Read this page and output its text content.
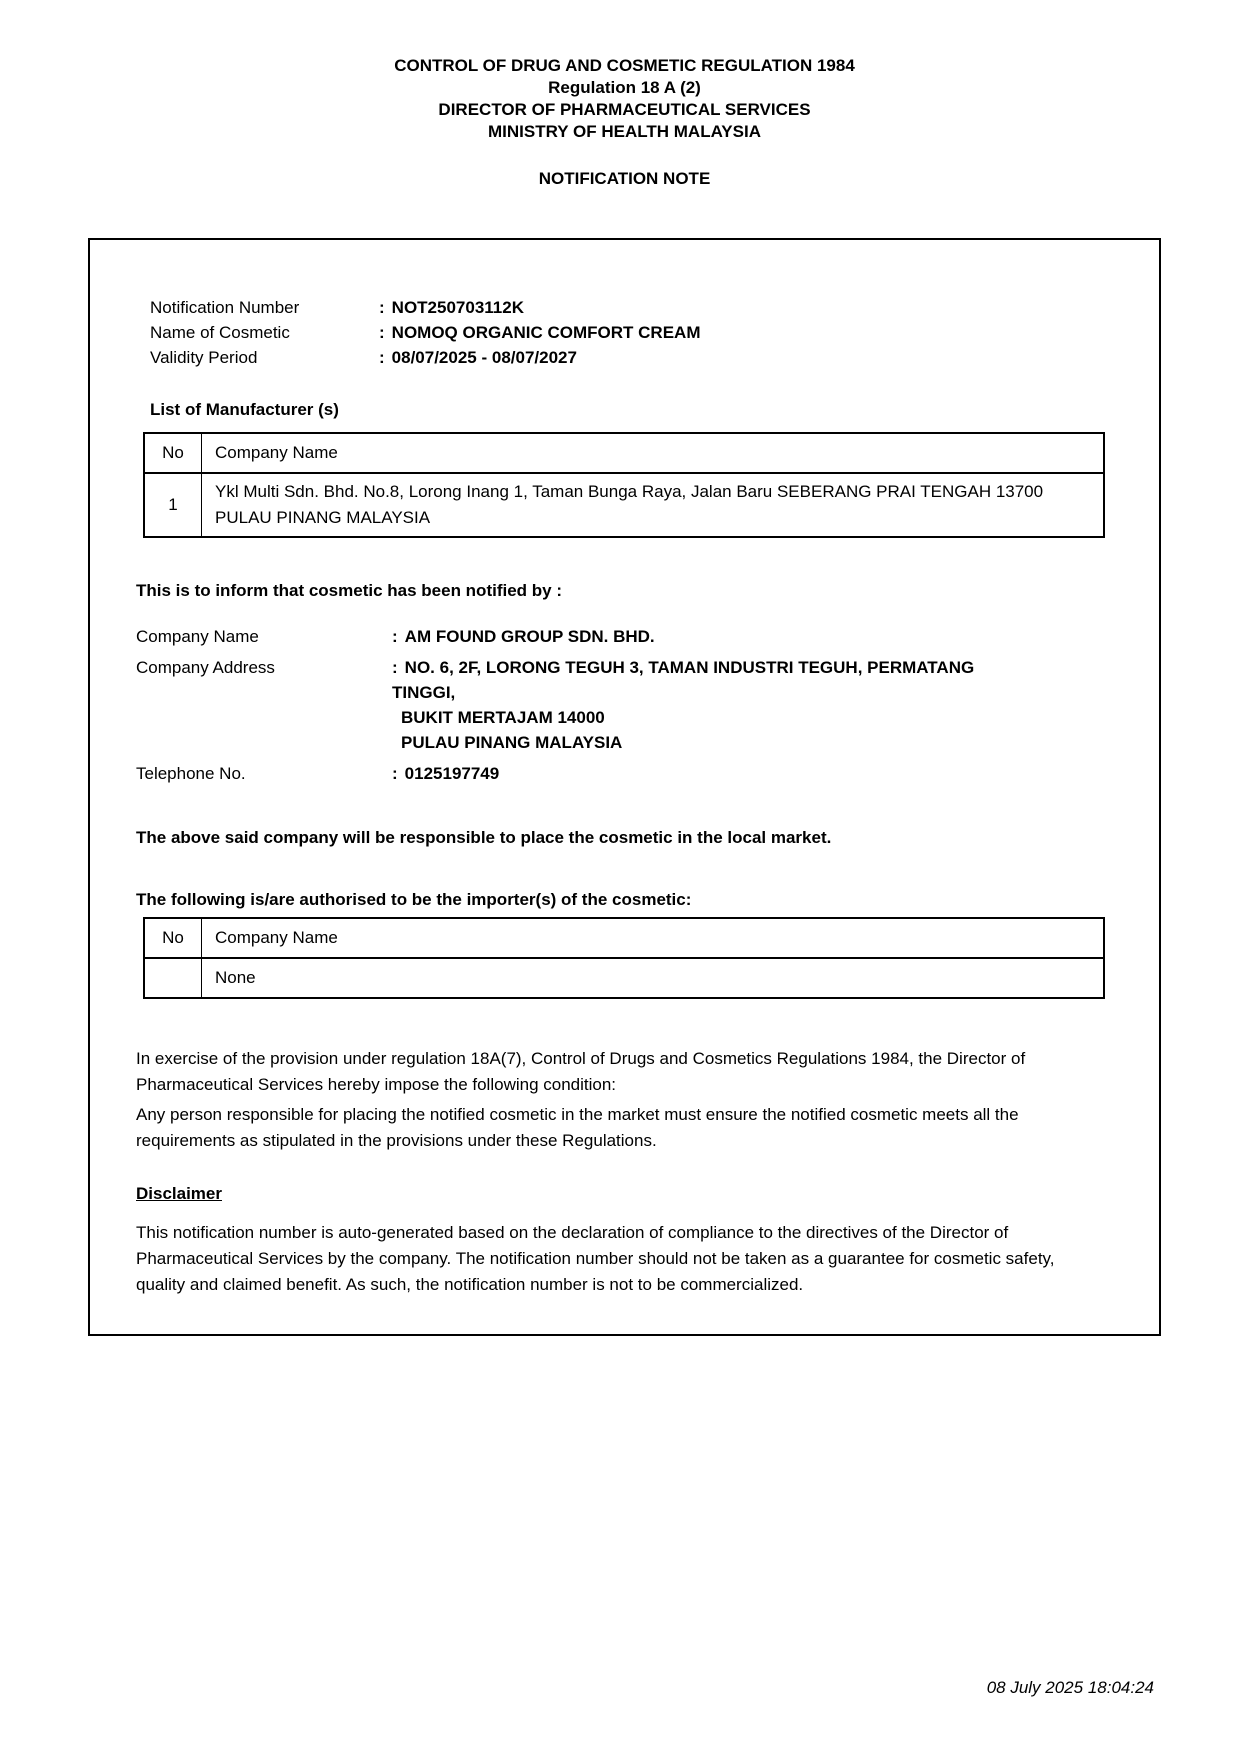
CONTROL OF DRUG AND COSMETIC REGULATION 1984
Regulation 18 A (2)
DIRECTOR OF PHARMACEUTICAL SERVICES
MINISTRY OF HEALTH MALAYSIA
NOTIFICATION NOTE
Notification Number	: NOT250703112K
Name of Cosmetic	: NOMOQ ORGANIC COMFORT CREAM
Validity Period	: 08/07/2025 - 08/07/2027
List of Manufacturer (s)
No	Company Name
1	Ykl Multi Sdn. Bhd. No.8, Lorong Inang 1, Taman Bunga Raya, Jalan Baru SEBERANG PRAI TENGAH 13700
PULAU PINANG MALAYSIA
This is to inform that cosmetic has been notified by :
Company Name	: AM FOUND GROUP SDN. BHD.
Company Address	: NO. 6, 2F, LORONG TEGUH 3, TAMAN INDUSTRI TEGUH, PERMATANG
TINGGI,
BUKIT MERTAJAM 14000
PULAU PINANG MALAYSIA
Telephone No.	: 0125197749
The above said company will be responsible to place the cosmetic in the local market.
The following is/are authorised to be the importer(s) of the cosmetic:
No	Company Name
	None

In exercise of the provision under regulation 18A(7), Control of Drugs and Cosmetics Regulations 1984, the Director of Pharmaceutical Services hereby impose the following condition:

Any person responsible for placing the notified cosmetic in the market must ensure the notified cosmetic meets all the requirements as stipulated in the provisions under these Regulations.

Disclaimer

This notification number is auto-generated based on the declaration of compliance to the directives of the Director of Pharmaceutical Services by the company. The notification number should not be taken as a guarantee for cosmetic safety, quality and claimed benefit. As such, the notification number is not to be commercialized.

08 July 2025 18:04:24
